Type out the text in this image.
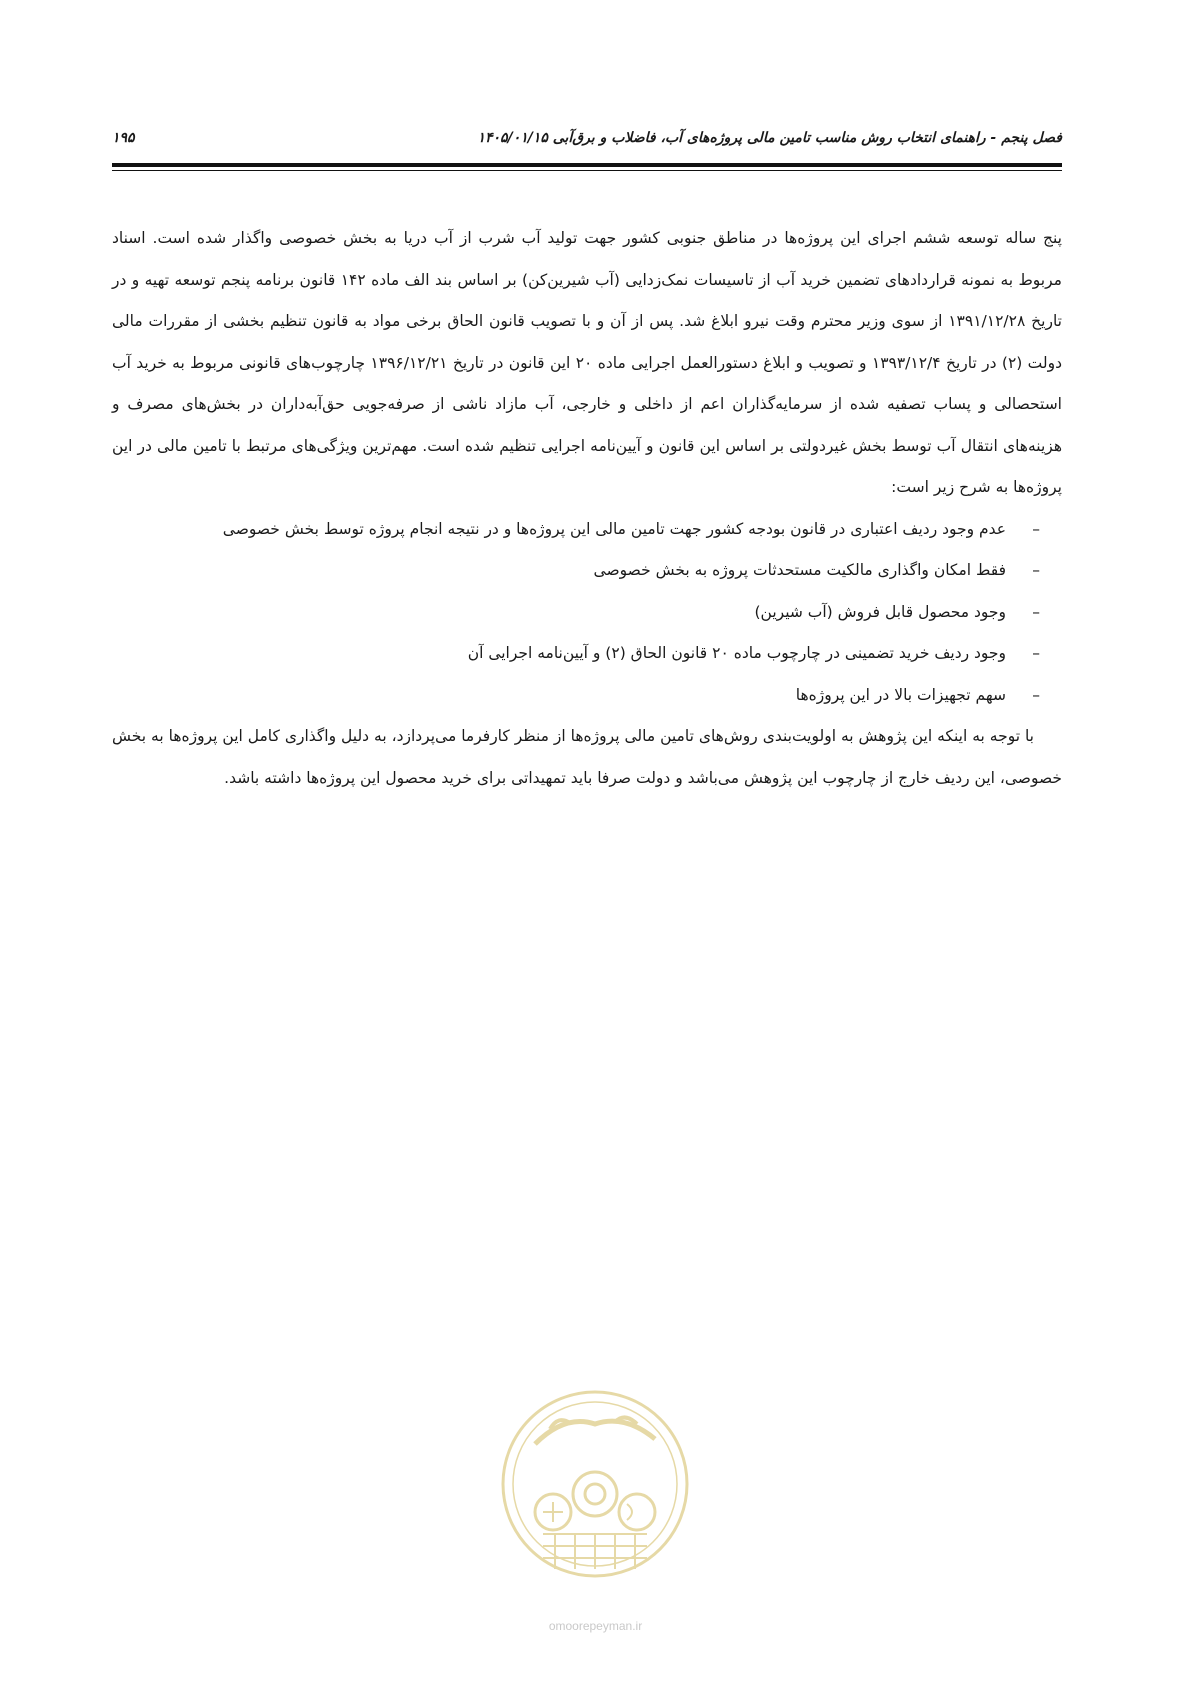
فصل پنجم - راهنمای انتخاب روش مناسب تامین مالی پروژه‌های آب، فاضلاب و برق‌آبی ۱۴۰۵/۰۱/۱۵
۱۹۵

پنج ساله توسعه ششم اجرای این پروژه‌ها در مناطق جنوبی کشور جهت تولید آب شرب از آب دریا به بخش خصوصی واگذار شده است. اسناد مربوط به نمونه قراردادهای تضمین خرید آب از تاسیسات نمک‌زدایی (آب شیرین‌کن) بر اساس بند الف ماده ۱۴۲ قانون برنامه پنجم توسعه تهیه و در تاریخ ۱۳۹۱/۱۲/۲۸ از سوی وزیر محترم وقت نیرو ابلاغ شد. پس از آن و با تصویب قانون الحاق برخی مواد به قانون تنظیم بخشی از مقررات مالی دولت (۲) در تاریخ ۱۳۹۳/۱۲/۴ و تصویب و ابلاغ دستورالعمل اجرایی ماده ۲۰ این قانون در تاریخ ۱۳۹۶/۱۲/۲۱ چارچوب‌های قانونی مربوط به خرید آب استحصالی و پساب تصفیه شده از سرمایه‌گذاران اعم از داخلی و خارجی، آب مازاد ناشی از صرفه‌جویی حق‌آبه‌داران در بخش‌های مصرف و هزینه‌های انتقال آب توسط بخش غیردولتی بر اساس این قانون و آیین‌نامه اجرایی تنظیم شده است. مهم‌ترین ویژگی‌های مرتبط با تامین مالی در این پروژه‌ها به شرح زیر است:

–
عدم وجود ردیف اعتباری در قانون بودجه کشور جهت تامین مالی این پروژه‌ها و در نتیجه انجام پروژه توسط بخش خصوصی
–
فقط امکان واگذاری مالکیت مستحدثات پروژه به بخش خصوصی
–
وجود محصول قابل فروش (آب شیرین)
–
وجود ردیف خرید تضمینی در چارچوب ماده ۲۰ قانون الحاق (۲) و آیین‌نامه اجرایی آن
–
سهم تجهیزات بالا در این پروژه‌ها

با توجه به اینکه این پژوهش به اولویت‌بندی روش‌های تامین مالی پروژه‌ها از منظر کارفرما می‌پردازد، به دلیل واگذاری کامل این پروژه‌ها به بخش خصوصی، این ردیف خارج از چارچوب این پژوهش می‌باشد و دولت صرفا باید تمهیداتی برای خرید محصول این پروژه‌ها داشته باشد.

omoorepeyman.ir
